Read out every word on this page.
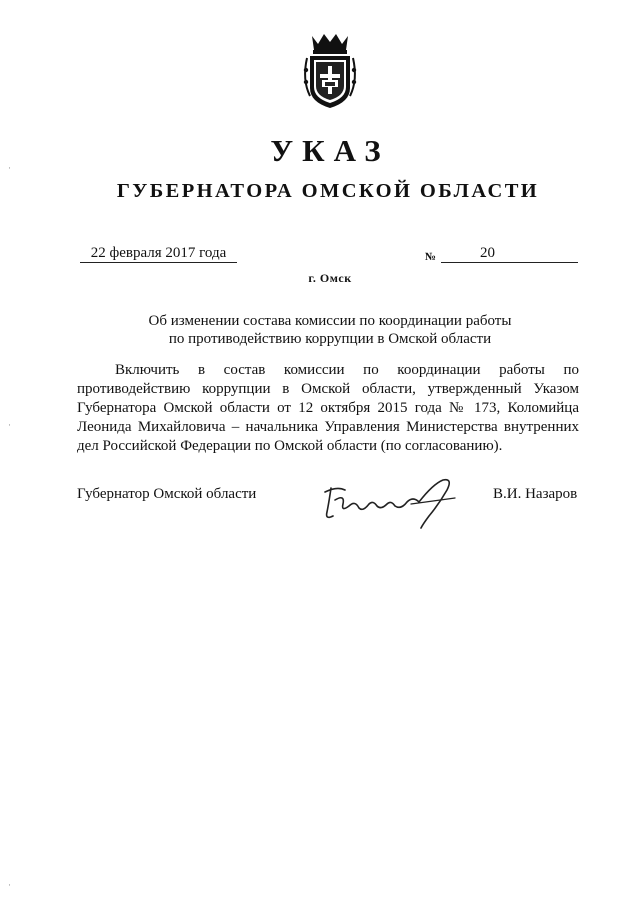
УКАЗ
ГУБЕРНАТОРА ОМСКОЙ ОБЛАСТИ
22 февраля 2017 года	№	20
г. Омск
Об изменении состава комиссии по координации работы
по противодействию коррупции в Омской области

Включить в состав комиссии по координации работы по противодействию коррупции в Омской области, утвержденный Указом Губернатора Омской области от 12 октября 2015 года № 173, Коломийца Леонида Михайловича – начальника Управления Министерства внутренних дел Российской Федерации по Омской области (по согласованию).

Губернатор Омской области	В.И. Назаров
·
·
·
